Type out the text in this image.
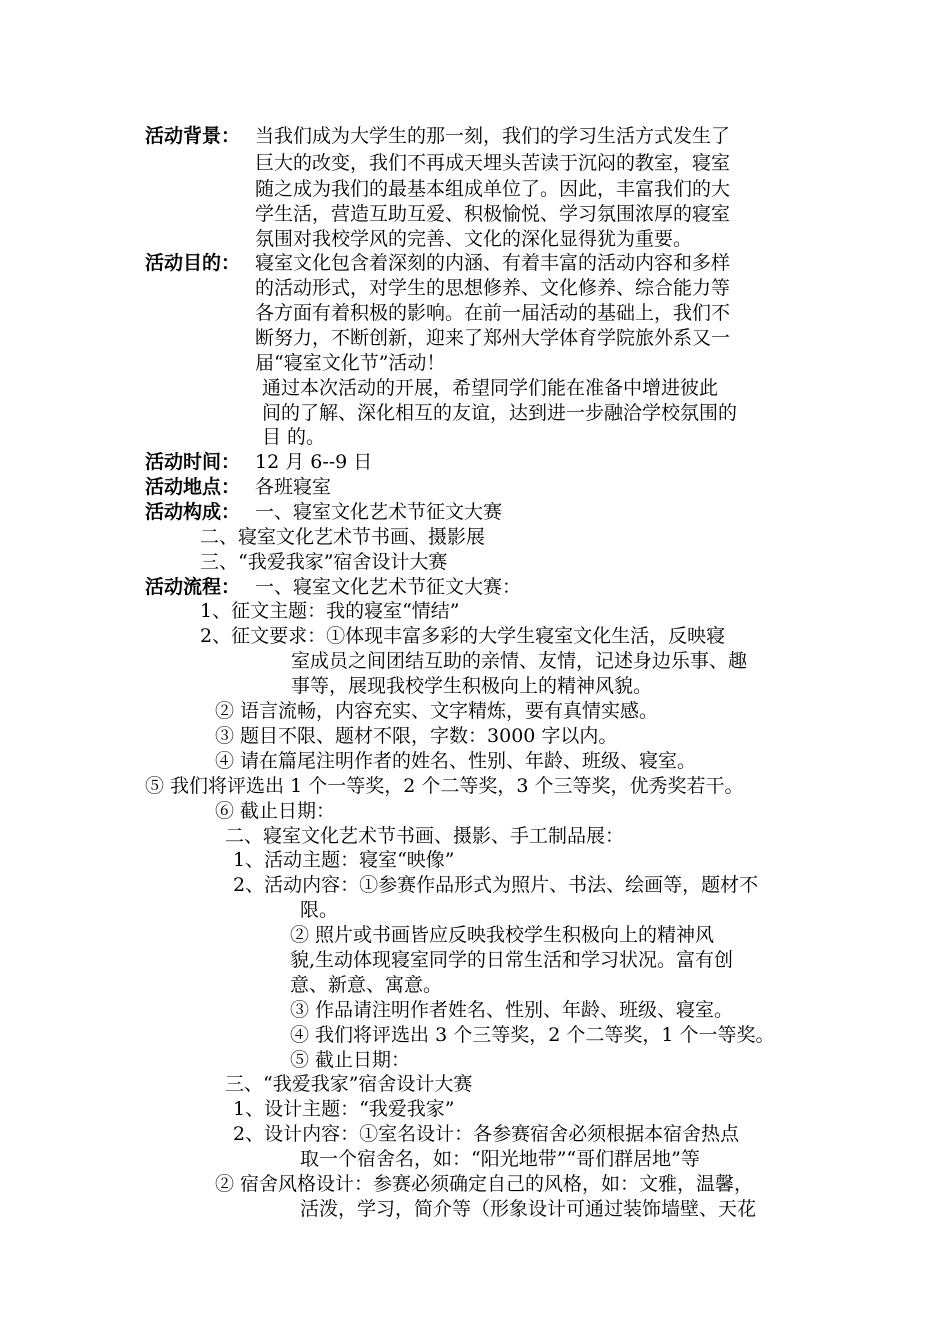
活动背景： 当我们成为大学生的那一刻，我们的学习生活方式发生了
巨大的改变，我们不再成天埋头苦读于沉闷的教室，寝室
随之成为我们的最基本组成单位了。因此，丰富我们的大
学生活，营造互助互爱、积极愉悦、学习氛围浓厚的寝室
氛围对我校学风的完善、文化的深化显得犹为重要。
活动目的： 寝室文化包含着深刻的内涵、有着丰富的活动内容和多样
的活动形式，对学生的思想修养、文化修养、综合能力等
各方面有着积极的影响。在前一届活动的基础上，我们不
断努力，不断创新，迎来了郑州大学体育学院旅外系又一
届“寝室文化节”活动！
通过本次活动的开展，希望同学们能在准备中增进彼此
间的了解、深化相互的友谊，达到进一步融洽学校氛围的
目 的。
活动时间： 12 月 6--9 日
活动地点： 各班寝室
活动构成： 一、寝室文化艺术节征文大赛
二、寝室文化艺术节书画、摄影展
三、“我爱我家”宿舍设计大赛
活动流程： 一、寝室文化艺术节征文大赛：
1、征文主题：我的寝室“情结”
2、征文要求：①体现丰富多彩的大学生寝室文化生活，反映寝
室成员之间团结互助的亲情、友情，记述身边乐事、趣
事等，展现我校学生积极向上的精神风貌。
② 语言流畅，内容充实、文字精炼，要有真情实感。
③ 题目不限、题材不限，字数：3000 字以内。
④ 请在篇尾注明作者的姓名、性别、年龄、班级、寝室。
⑤ 我们将评选出 1 个一等奖，2 个二等奖，3 个三等奖，优秀奖若干。
⑥ 截止日期：
二、寝室文化艺术节书画、摄影、手工制品展：
1、活动主题：寝室“映像”
2、活动内容：①参赛作品形式为照片、书法、绘画等，题材不
限。
② 照片或书画皆应反映我校学生积极向上的精神风
貌,生动体现寝室同学的日常生活和学习状况。富有创
意、新意、寓意。
③ 作品请注明作者姓名、性别、年龄、班级、寝室。
④ 我们将评选出 3 个三等奖，2 个二等奖，1 个一等奖。
⑤ 截止日期：
三、“我爱我家”宿舍设计大赛
1、设计主题：“我爱我家”
2、设计内容：①室名设计：各参赛宿舍必须根据本宿舍热点
取一个宿舍名，如：“阳光地带”“哥们群居地”等
② 宿舍风格设计：参赛必须确定自己的风格，如：文雅，温馨，
活泼，学习，简介等（形象设计可通过装饰墙壁、天花
